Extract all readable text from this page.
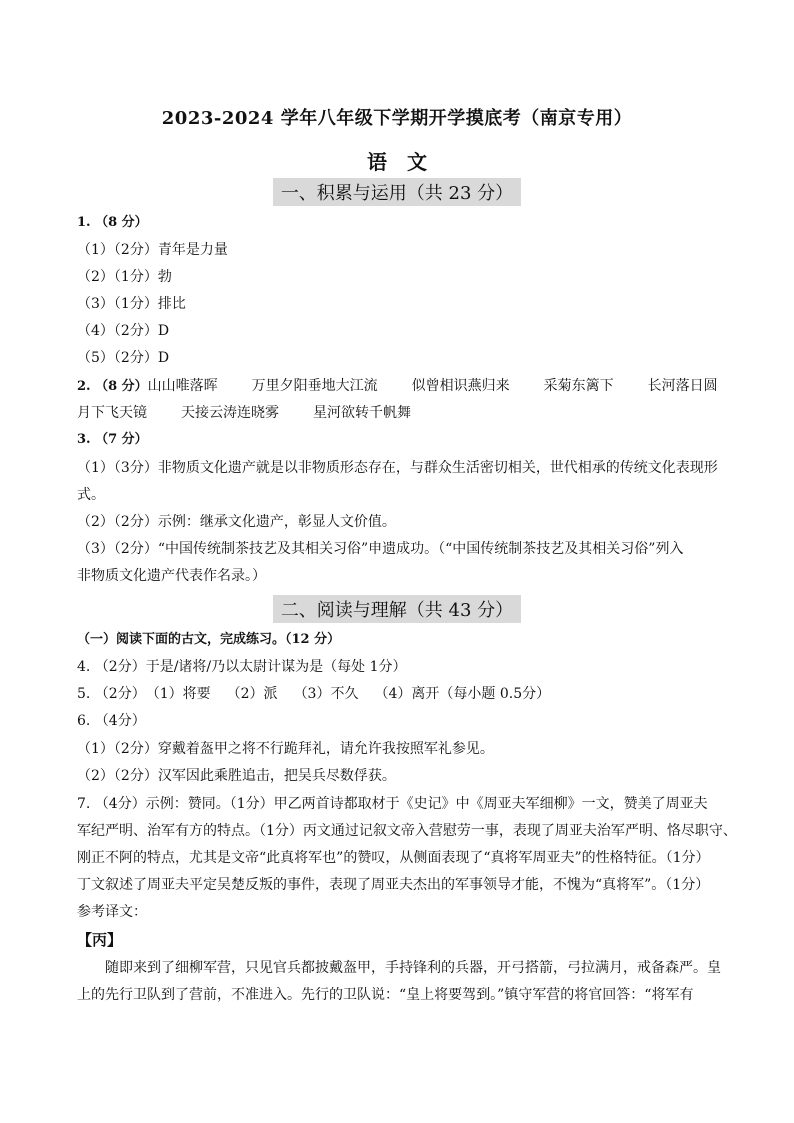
2023-2024 学年八年级下学期开学摸底考（南京专用）
语　文
一、积累与运用（共 23 分）
1. （8 分）
（1）（2分）青年是力量
（2）（1分）勃
（3）（1分）排比
（4）（2分）D
（5）（2分）D
2. （8 分）山山唯落晖 万里夕阳垂地大江流 似曾相识燕归来 采菊东篱下 长河落日圆
月下飞天镜 天接云涛连晓雾 星河欲转千帆舞
3. （7 分）
（1）（3分）非物质文化遗产就是以非物质形态存在，与群众生活密切相关，世代相承的传统文化表现形
式。
（2）（2分）示例：继承文化遗产，彰显人文价值。
（3）（2分）“中国传统制茶技艺及其相关习俗”申遗成功。（“中国传统制茶技艺及其相关习俗”列入
非物质文化遗产代表作名录。）
二、阅读与理解（共 43 分）
（一）阅读下面的古文，完成练习。（12 分）
4. （2分）于是/诸将/乃以太尉计谋为是（每处 1分）
5. （2分）（1）将要 （2）派 （3）不久 （4）离开（每小题 0.5分）
6. （4分）
（1）（2分）穿戴着盔甲之将不行跪拜礼，请允许我按照军礼参见。
（2）（2分）汉军因此乘胜追击，把吴兵尽数俘获。
7. （4分）示例：赞同。（1分）甲乙两首诗都取材于《史记》中《周亚夫军细柳》一文，赞美了周亚夫
军纪严明、治军有方的特点。（1分）丙文通过记叙文帝入营慰劳一事，表现了周亚夫治军严明、恪尽职守、
刚正不阿的特点，尤其是文帝“此真将军也”的赞叹，从侧面表现了“真将军周亚夫”的性格特征。（1分）
丁文叙述了周亚夫平定吴楚反叛的事件，表现了周亚夫杰出的军事领导才能，不愧为“真将军”。（1分）
参考译文：
【丙】
随即来到了细柳军营，只见官兵都披戴盔甲，手持锋利的兵器，开弓搭箭，弓拉满月，戒备森严。皇
上的先行卫队到了营前，不准进入。先行的卫队说：“皇上将要驾到。”镇守军营的将官回答：“将军有
